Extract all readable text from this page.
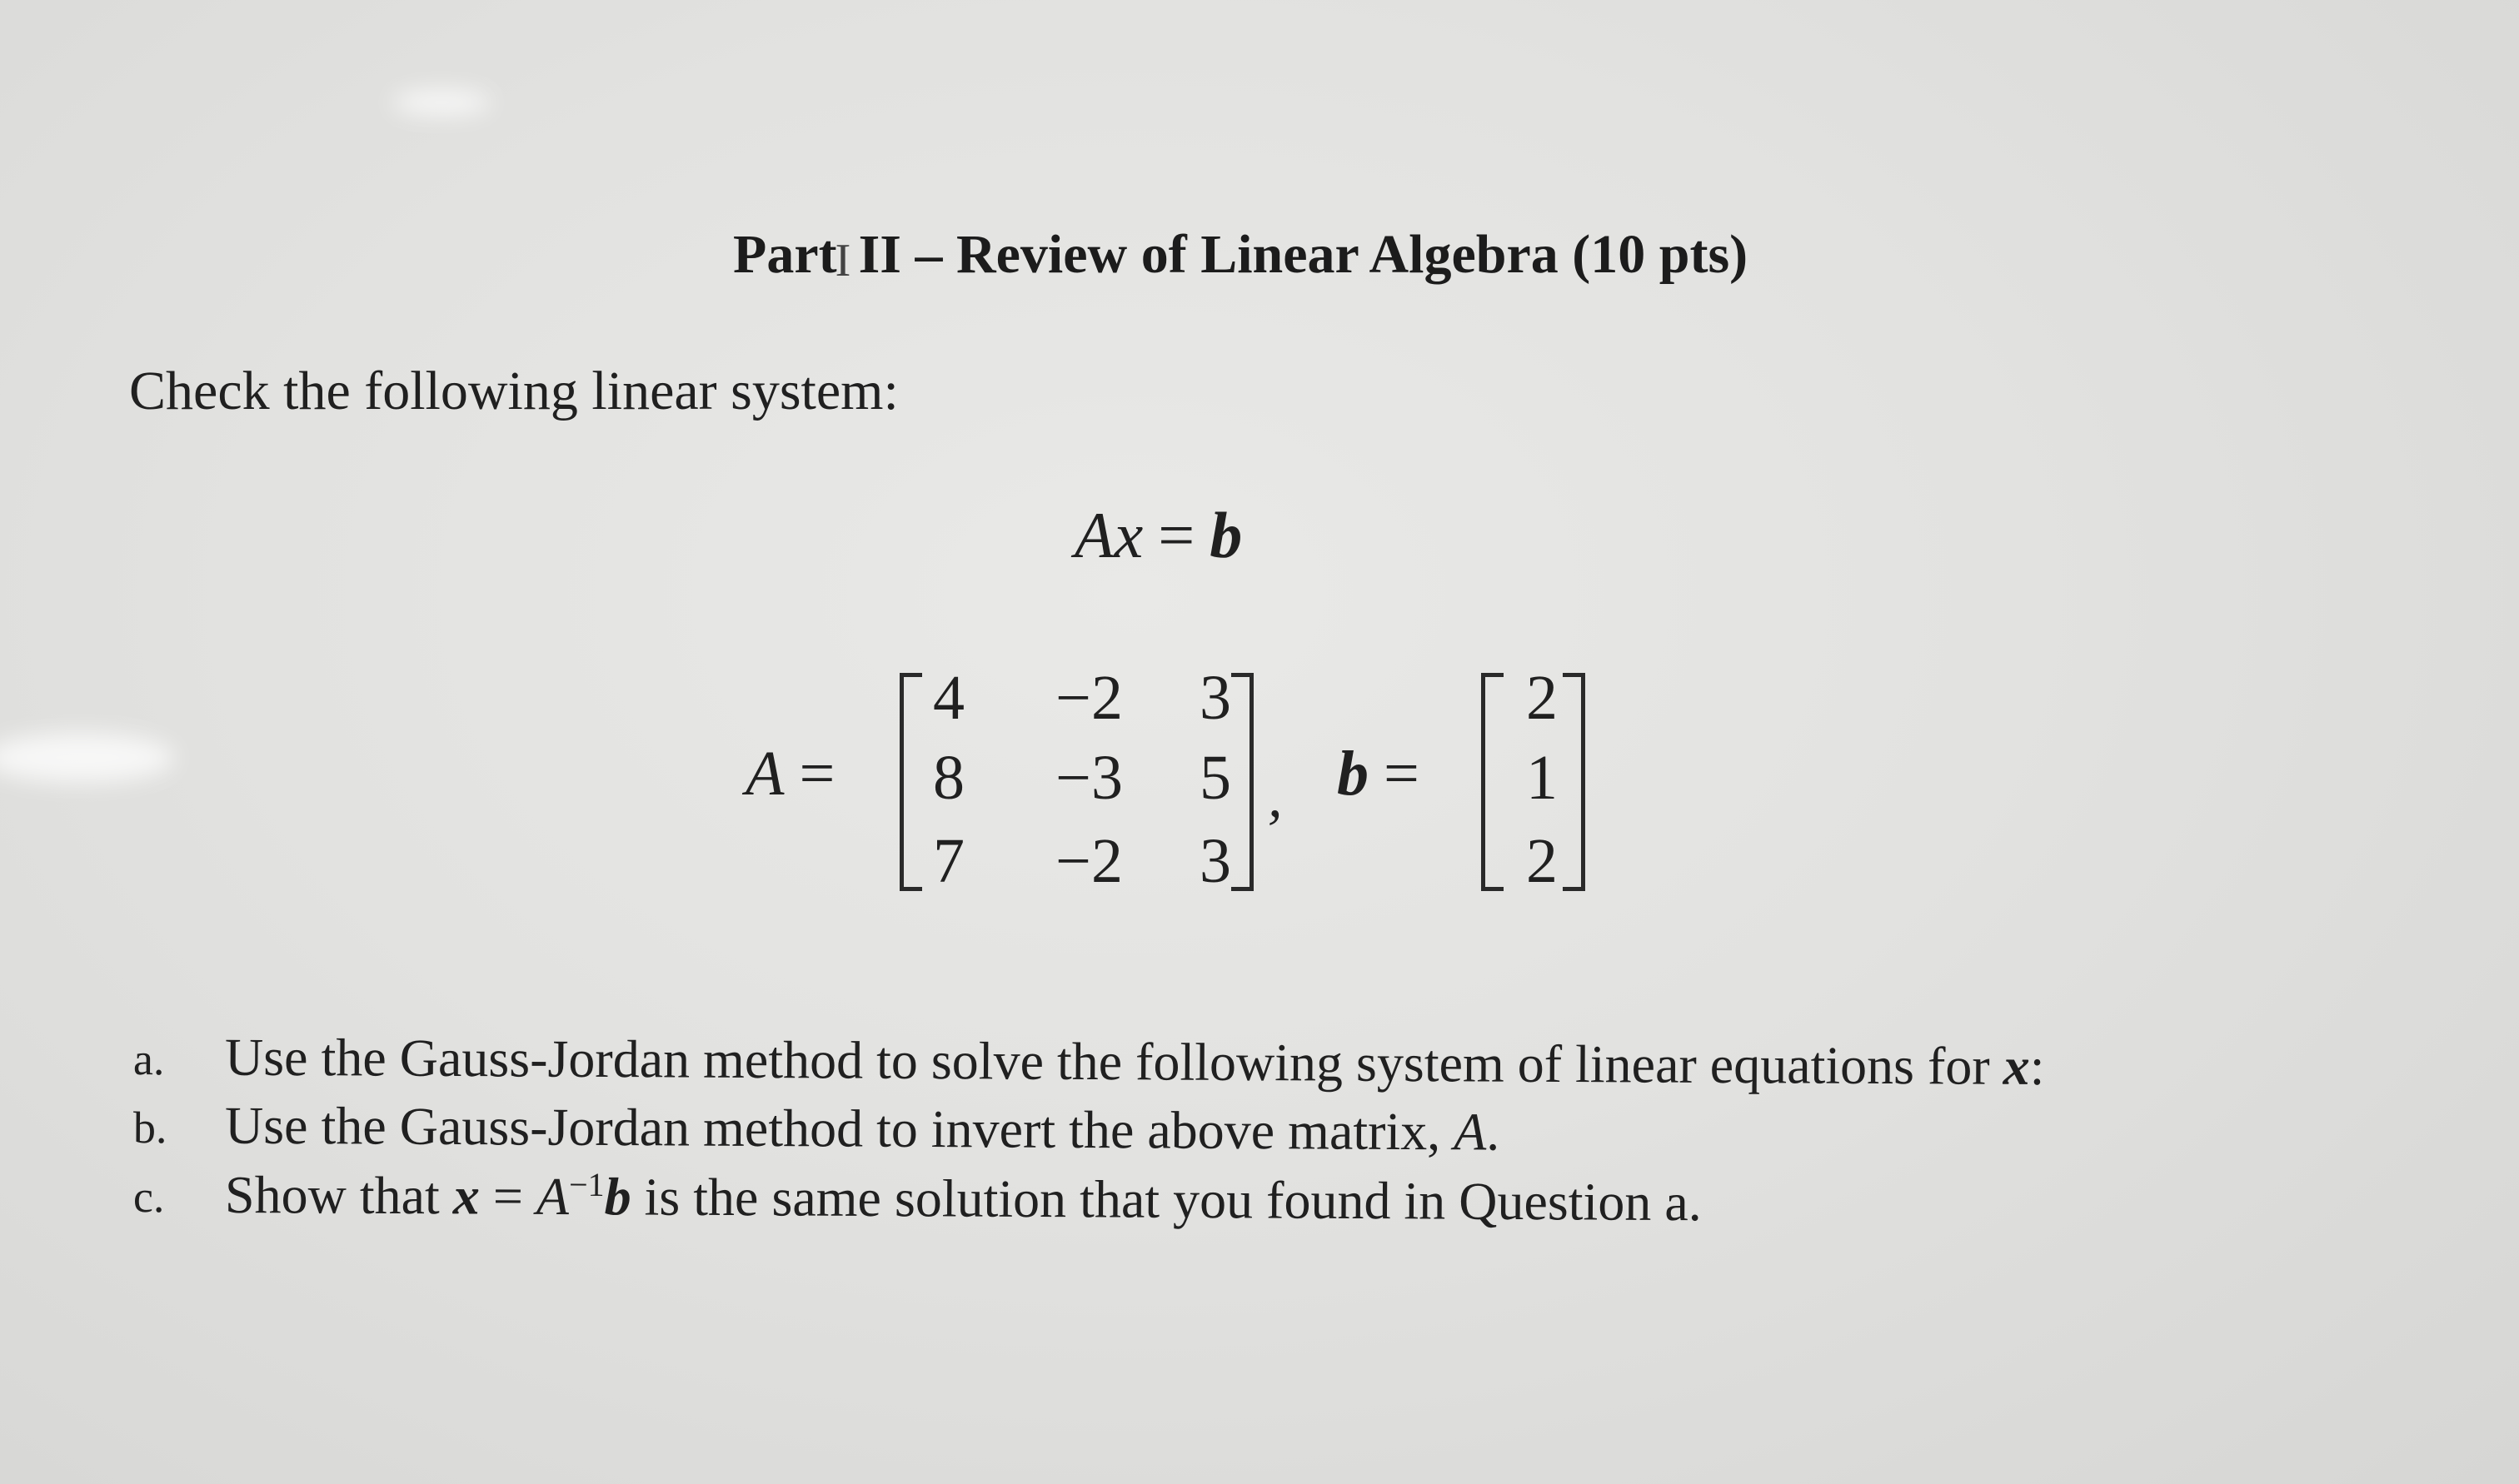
PartI II – Review of Linear Algebra (10 pts)
Check the following linear system:
Ax = b
A =
4	−2	3
8	−3	5
7	−2	3
, b =
2
1
2
a. Use the Gauss-Jordan method to solve the following system of linear equations for x:
b. Use the Gauss-Jordan method to invert the above matrix, A.
c. Show that $x = A^{-1}b$ is the same solution that you found in Question a.
